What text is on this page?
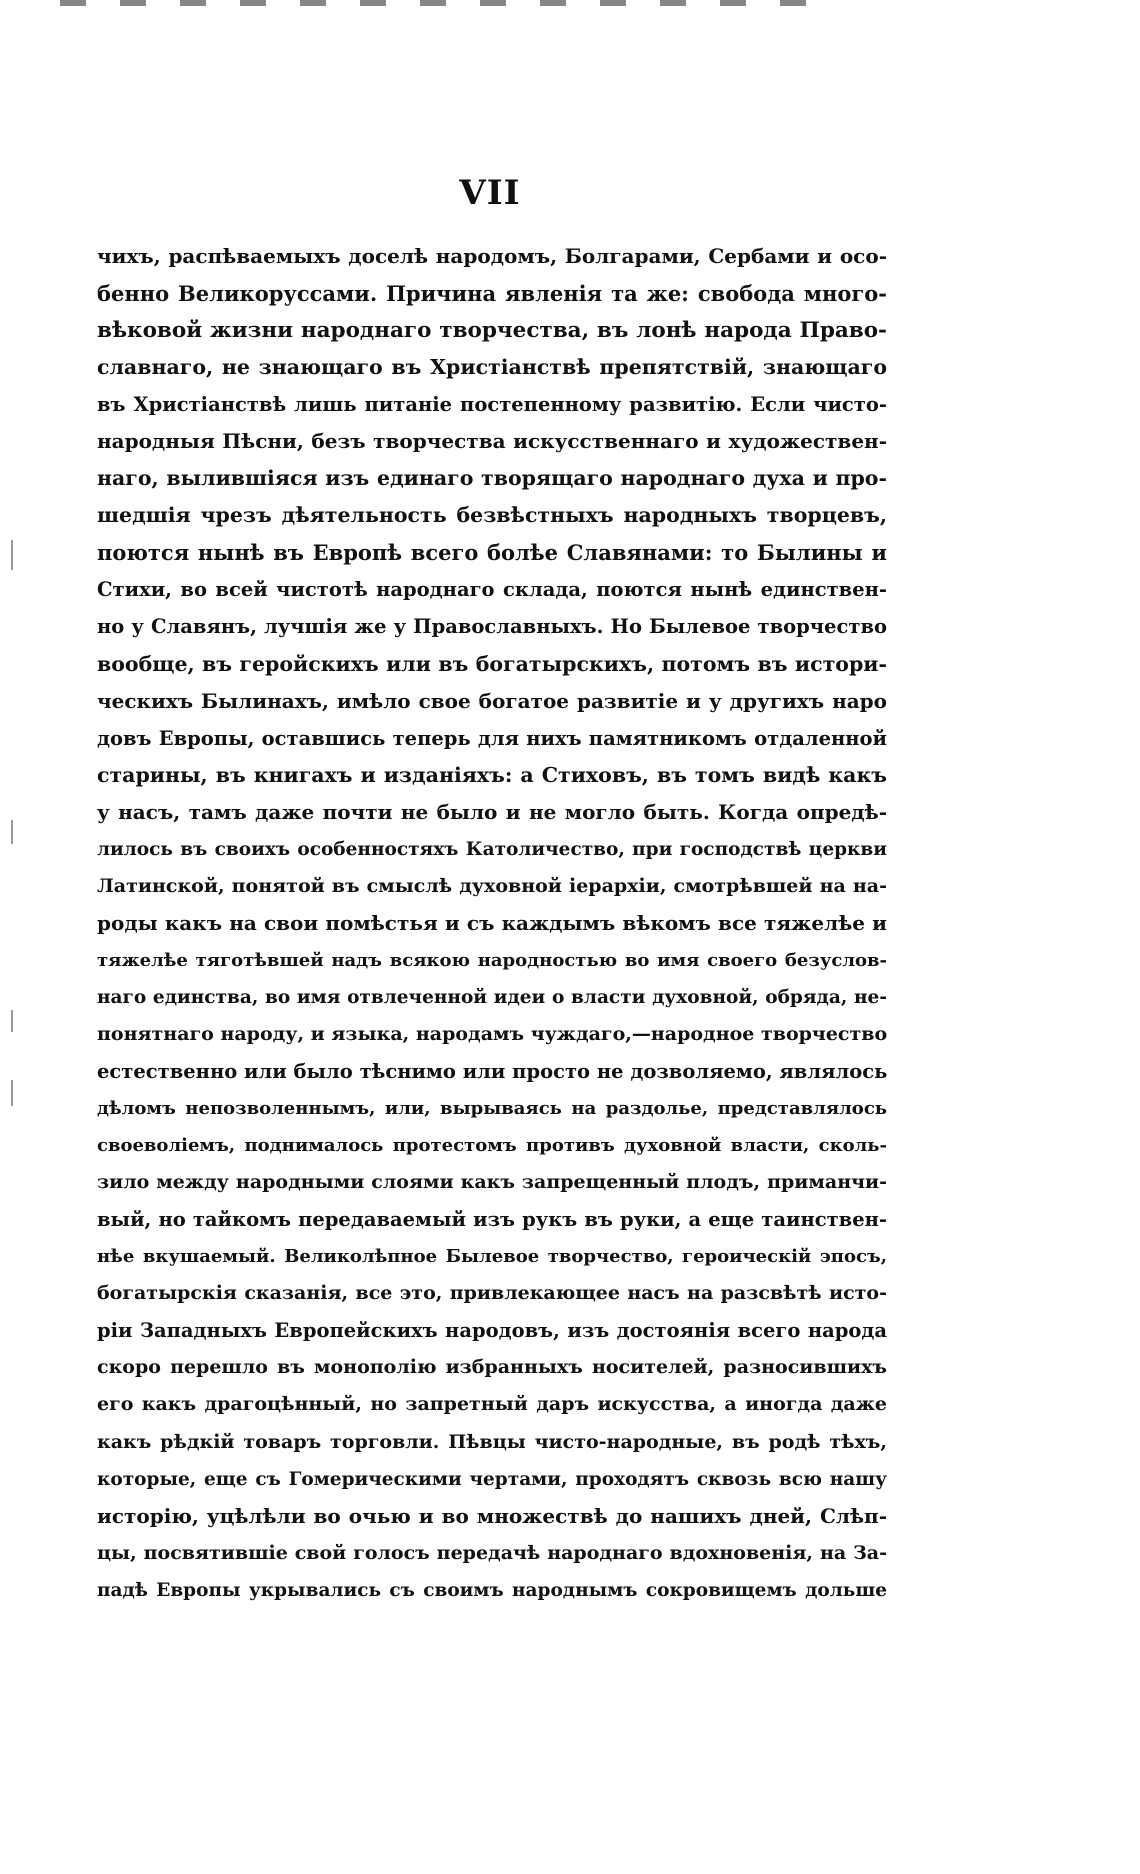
VII
чихъ, распѣваемыхъ доселѣ народомъ, Болгарами, Сербами и осо-
бенно Великоруссами. Причина явленія та же: свобода много-
вѣковой жизни народнаго творчества, въ лонѣ народа Право-
славнаго, не знающаго въ Христіанствѣ препятствій, знающаго
въ Христіанствѣ лишь питаніе постепенному развитію. Если чисто-
народныя Пѣсни, безъ творчества искусственнаго и художествен-
наго, вылившіяся изъ единаго творящаго народнаго духа и про-
шедшія чрезъ дѣятельность безвѣстныхъ народныхъ творцевъ,
поются нынѣ въ Европѣ всего болѣе Славянами: то Былины и
Стихи, во всей чистотѣ народнаго склада, поются нынѣ единствен-
но у Славянъ, лучшія же у Православныхъ. Но Былевое творчество
вообще, въ геройскихъ или въ богатырскихъ, потомъ въ истори-
ческихъ Былинахъ, имѣло свое богатое развитіе и у другихъ наро
довъ Европы, оставшись теперь для нихъ памятникомъ отдаленной
старины, въ книгахъ и изданіяхъ: а Стиховъ, въ томъ видѣ какъ
у насъ, тамъ даже почти не было и не могло быть. Когда опредѣ-
лилось въ своихъ особенностяхъ Католичество, при господствѣ церкви
Латинской, понятой въ смыслѣ духовной іерархіи, смотрѣвшей на на-
роды какъ на свои помѣстья и съ каждымъ вѣкомъ все тяжелѣе и
тяжелѣе тяготѣвшей надъ всякою народностью во имя своего безуслов-
наго единства, во имя отвлеченной идеи о власти духовной, обряда, не-
понятнаго народу, и языка, народамъ чуждаго,—народное творчество
естественно или было тѣснимо или просто не дозволяемо, являлось
дѣломъ непозволеннымъ, или, вырываясь на раздолье, представлялось
своеволіемъ, поднималось протестомъ противъ духовной власти, сколь-
зило между народными слоями какъ запрещенный плодъ, приманчи-
вый, но тайкомъ передаваемый изъ рукъ въ руки, а еще таинствен-
нѣе вкушаемый. Великолѣпное Былевое творчество, героическій эпосъ,
богатырскія сказанія, все это, привлекающее насъ на разсвѣтѣ исто-
ріи Западныхъ Европейскихъ народовъ, изъ достоянія всего народа
скоро перешло въ монополію избранныхъ носителей, разносившихъ
его какъ драгоцѣнный, но запретный даръ искусства, а иногда даже
какъ рѣдкій товаръ торговли. Пѣвцы чисто-народные, въ родѣ тѣхъ,
которые, еще съ Гомерическими чертами, проходятъ сквозь всю нашу
исторію, уцѣлѣли во очью и во множествѣ до нашихъ дней, Слѣп-
цы, посвятившіе свой голосъ передачѣ народнаго вдохновенія, на За-
падѣ Европы укрывались съ своимъ народнымъ сокровищемъ дольше
